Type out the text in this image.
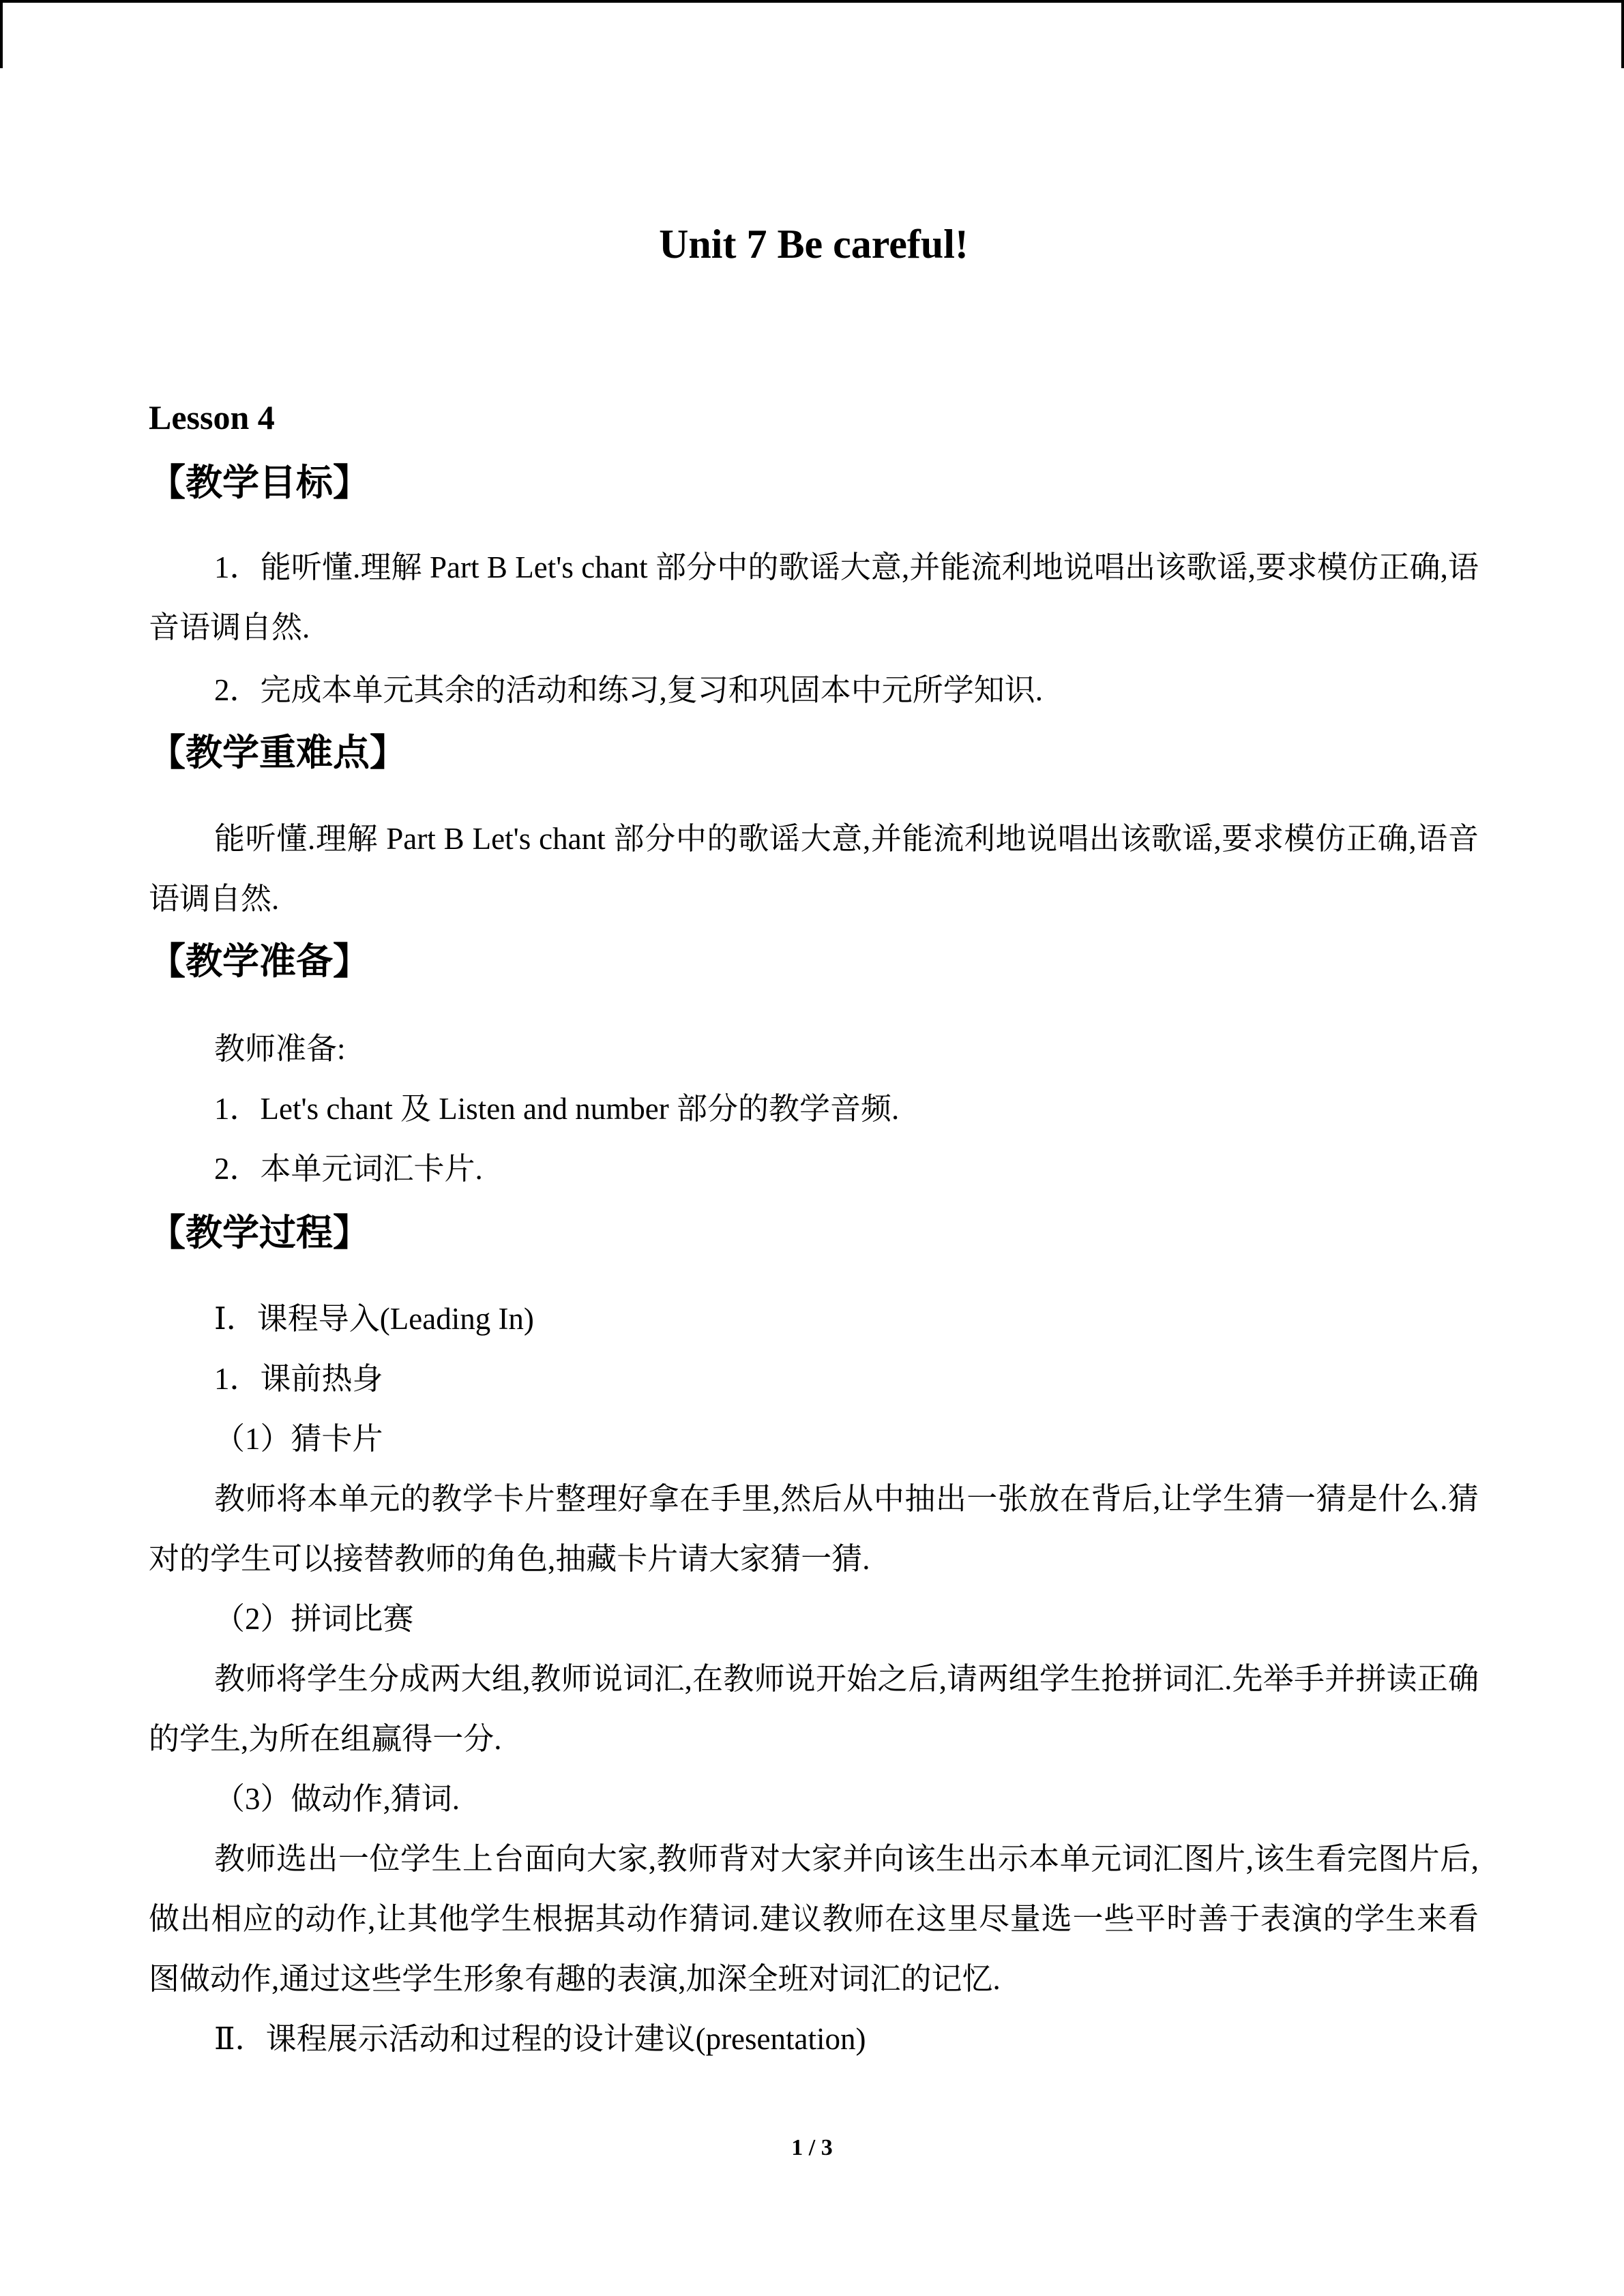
Unit 7 Be careful!
Lesson 4
【教学目标】
1．能听懂.理解 Part B Let's chant 部分中的歌谣大意,并能流利地说唱出该歌谣,要求模仿正确,语音语调自然.
2．完成本单元其余的活动和练习,复习和巩固本中元所学知识.
【教学重难点】
能听懂.理解 Part B Let's chant 部分中的歌谣大意,并能流利地说唱出该歌谣,要求模仿正确,语音语调自然.
【教学准备】
教师准备:
1．Let's chant 及 Listen and number 部分的教学音频.
2．本单元词汇卡片.
【教学过程】
Ⅰ．课程导入(Leading In)
1．课前热身
（1）猜卡片
教师将本单元的教学卡片整理好拿在手里,然后从中抽出一张放在背后,让学生猜一猜是什么.猜对的学生可以接替教师的角色,抽藏卡片请大家猜一猜.
（2）拼词比赛
教师将学生分成两大组,教师说词汇,在教师说开始之后,请两组学生抢拼词汇.先举手并拼读正确的学生,为所在组赢得一分.
（3）做动作,猜词.
教师选出一位学生上台面向大家,教师背对大家并向该生出示本单元词汇图片,该生看完图片后,做出相应的动作,让其他学生根据其动作猜词.建议教师在这里尽量选一些平时善于表演的学生来看图做动作,通过这些学生形象有趣的表演,加深全班对词汇的记忆.
Ⅱ．课程展示活动和过程的设计建议(presentation)
1 / 3
